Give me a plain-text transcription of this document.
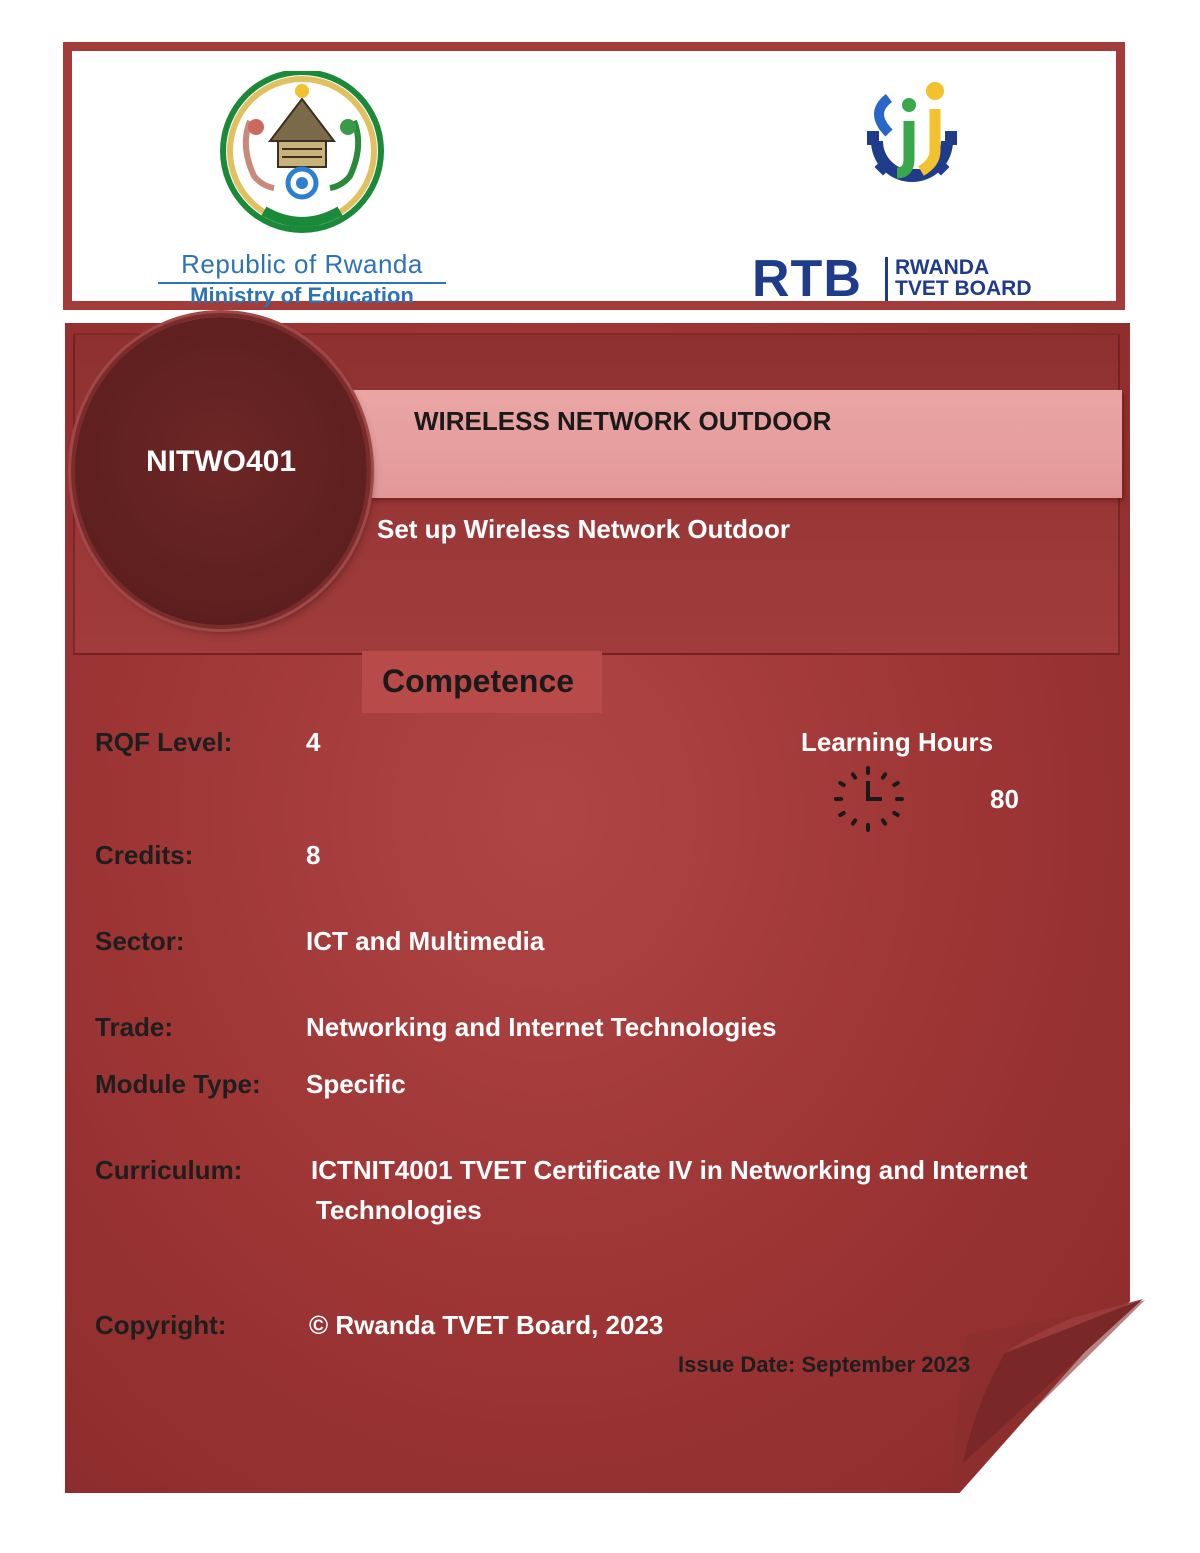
Republic of Rwanda
Ministry of Education	RTB RWANDA
TVET BOARD
NITWO401
WIRELESS NETWORK OUTDOOR
Set up Wireless Network Outdoor
Competence
RQF Level:	4	Learning Hours
80
Credits:	8
Sector:	ICT and Multimedia
Trade:	Networking and Internet Technologies
Module Type: Specific
Curriculum:	ICTNIT4001 TVET Certificate IV in Networking and Internet
Technologies
Copyright:	© Rwanda TVET Board, 2023
Issue Date: September 2023
